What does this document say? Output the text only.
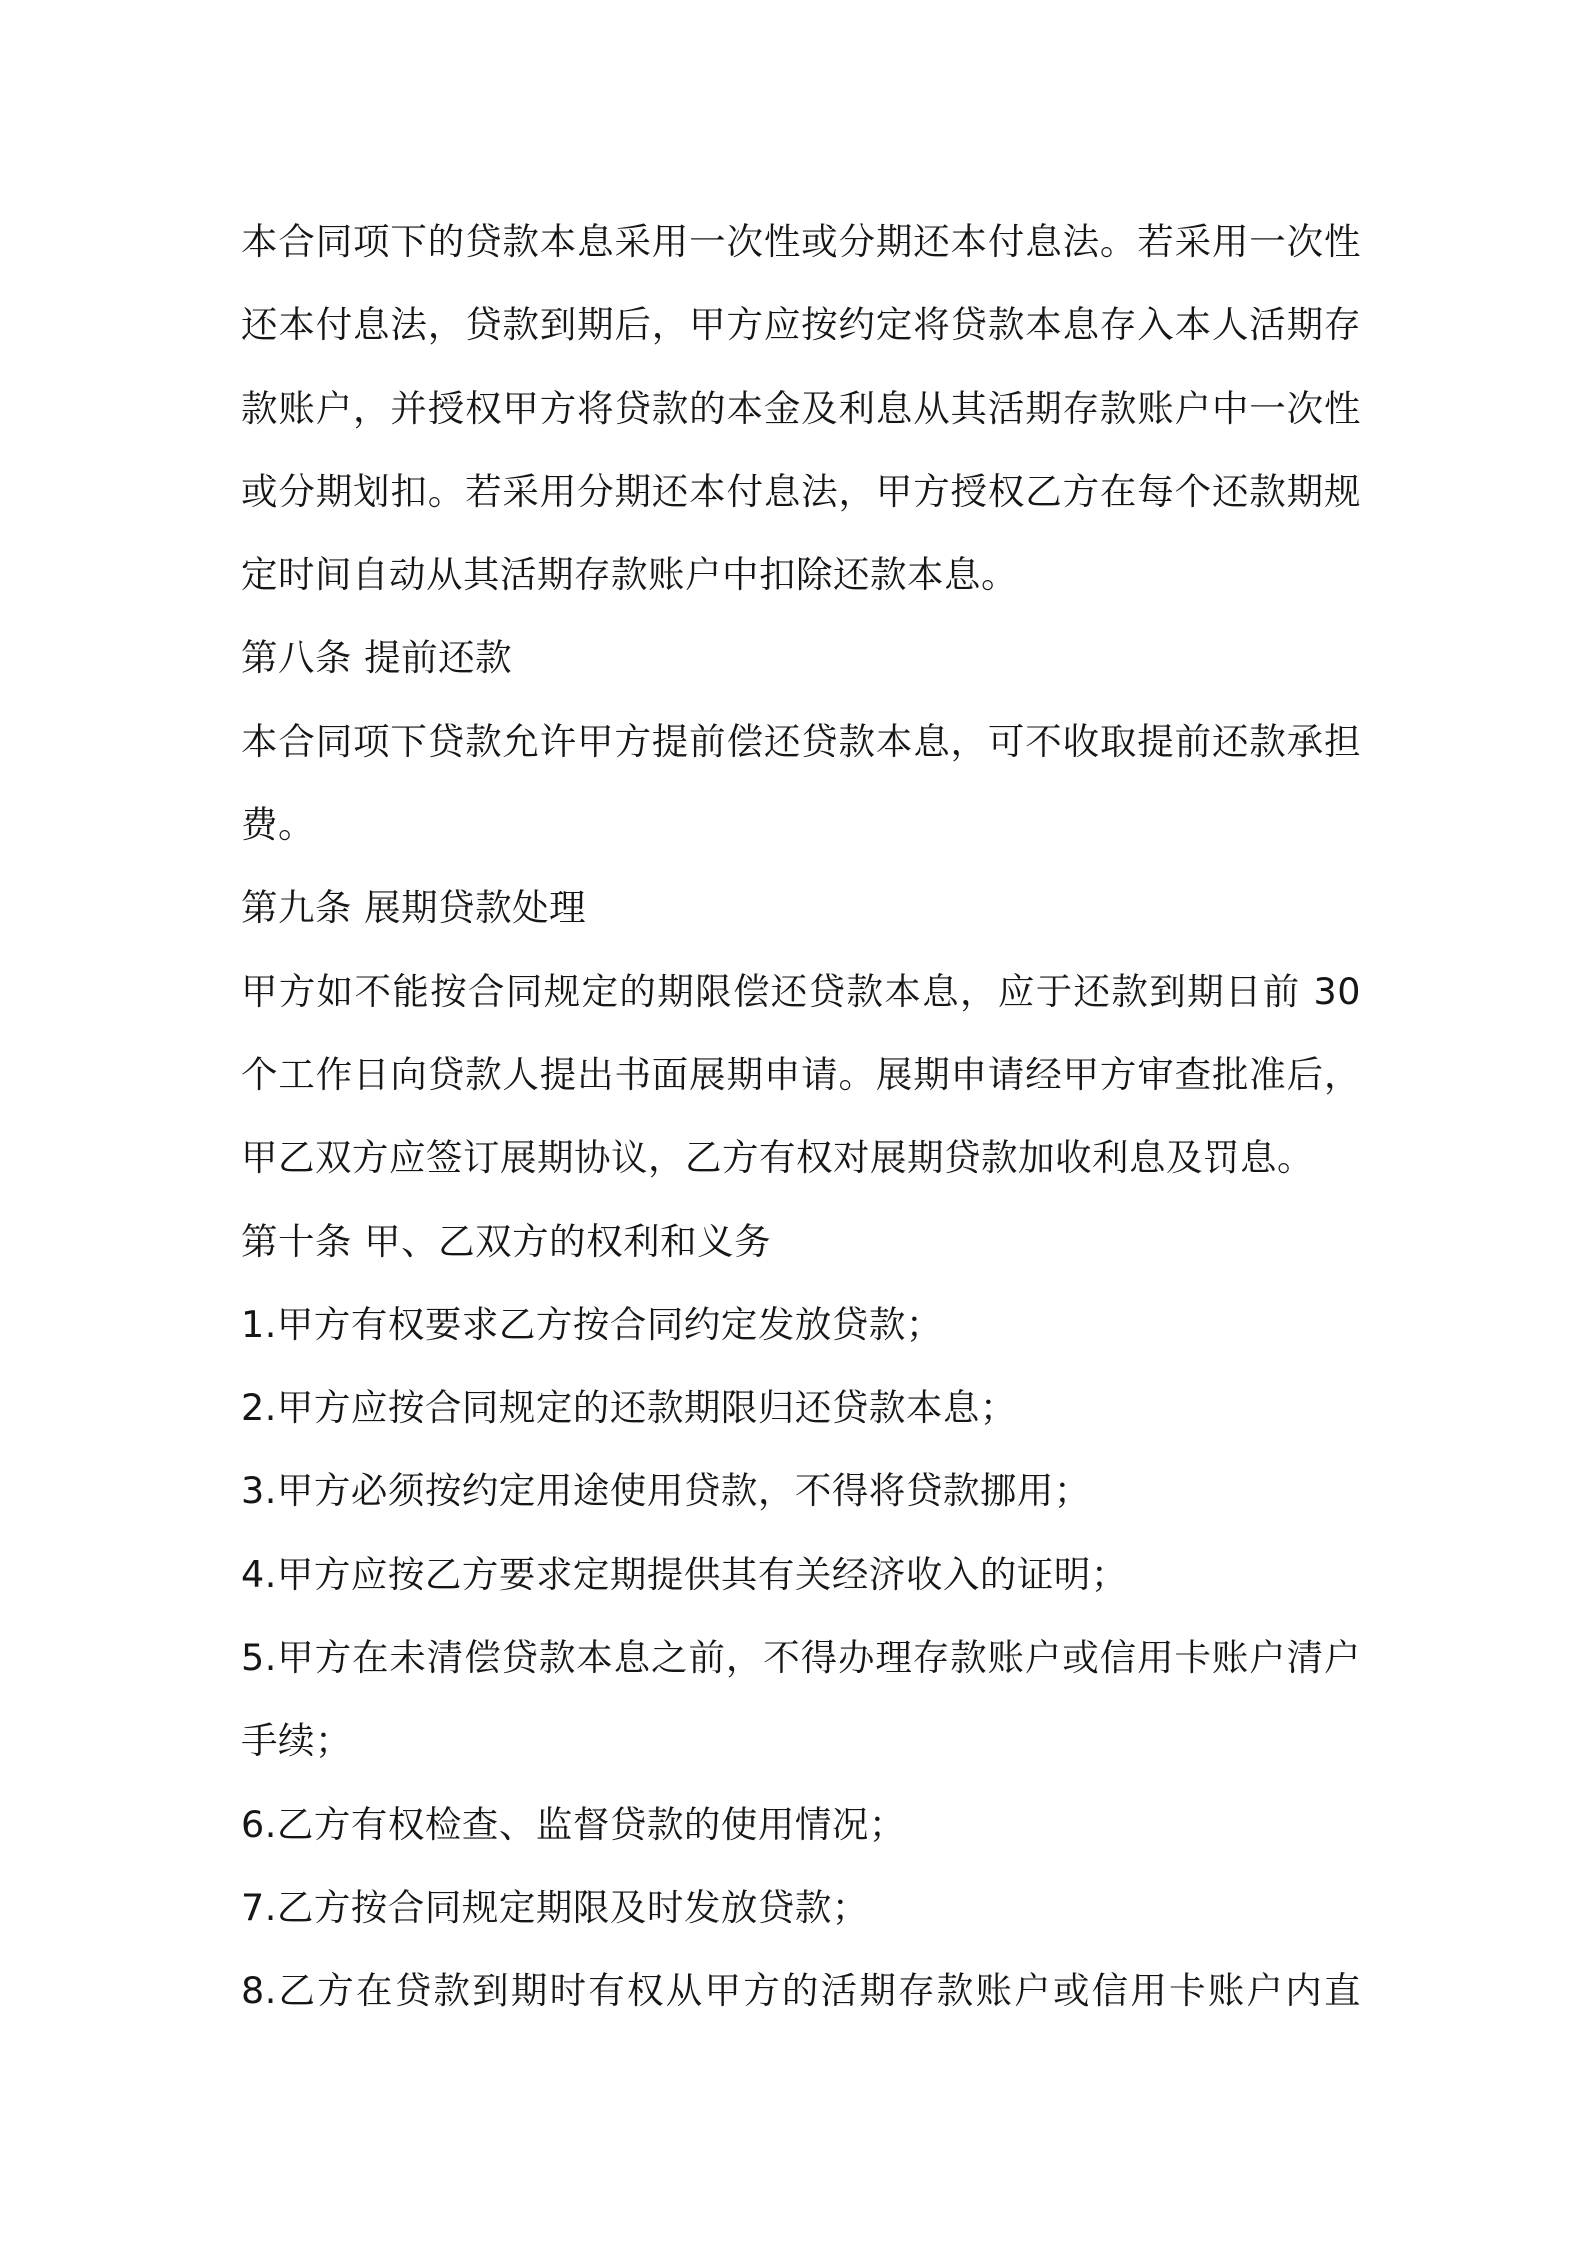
本合同项下的贷款本息采用一次性或分期还本付息法。若采用一次性
还本付息法，贷款到期后，甲方应按约定将贷款本息存入本人活期存
款账户，并授权甲方将贷款的本金及利息从其活期存款账户中一次性
或分期划扣。若采用分期还本付息法，甲方授权乙方在每个还款期规
定时间自动从其活期存款账户中扣除还款本息。
第八条 提前还款
本合同项下贷款允许甲方提前偿还贷款本息，可不收取提前还款承担
费。
第九条 展期贷款处理
甲方如不能按合同规定的期限偿还贷款本息，应于还款到期日前 30
个工作日向贷款人提出书面展期申请。展期申请经甲方审查批准后，
甲乙双方应签订展期协议，乙方有权对展期贷款加收利息及罚息。
第十条 甲、乙双方的权利和义务
1.甲方有权要求乙方按合同约定发放贷款；
2.甲方应按合同规定的还款期限归还贷款本息；
3.甲方必须按约定用途使用贷款，不得将贷款挪用；
4.甲方应按乙方要求定期提供其有关经济收入的证明；
5.甲方在未清偿贷款本息之前，不得办理存款账户或信用卡账户清户
手续；
6.乙方有权检查、监督贷款的使用情况；
7.乙方按合同规定期限及时发放贷款；
8.乙方在贷款到期时有权从甲方的活期存款账户或信用卡账户内直
